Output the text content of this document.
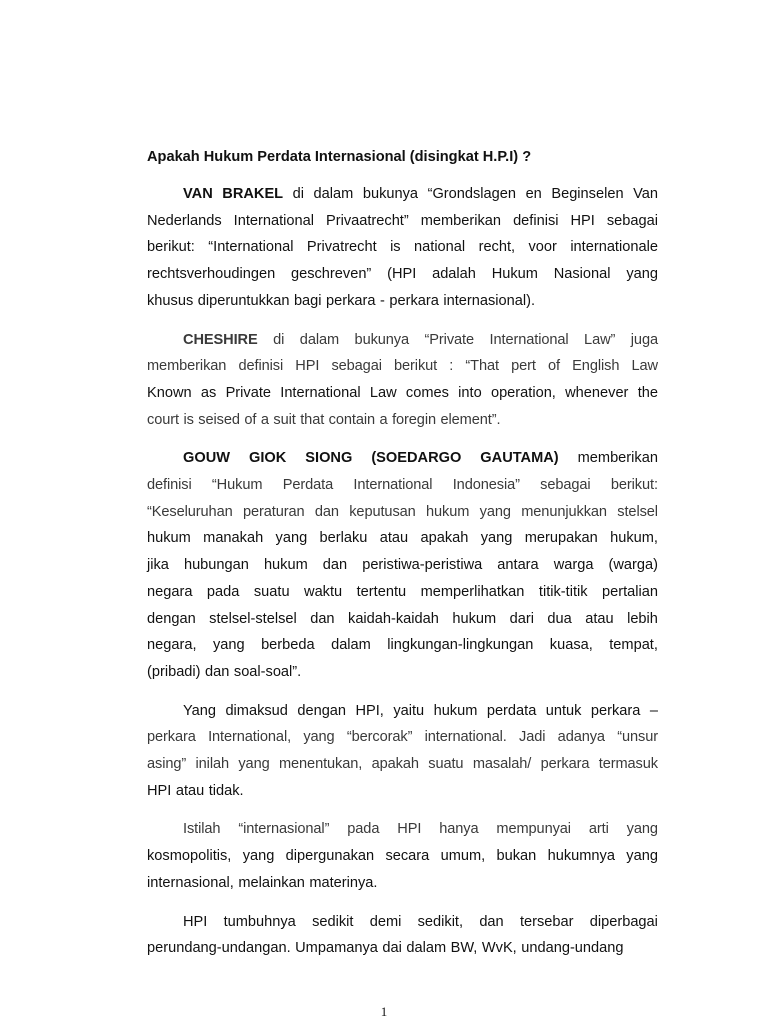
Apakah Hukum Perdata Internasional (disingkat H.P.I) ?
VAN BRAKEL di dalam bukunya “Grondslagen en Beginselen Van
Nederlands International Privaatrecht” memberikan definisi HPI sebagai
berikut: “International Privatrecht is national recht, voor internationale
rechtsverhoudingen geschreven” (HPI adalah Hukum Nasional yang
khusus diperuntukkan bagi perkara - perkara internasional).
CHESHIRE di dalam bukunya “Private International Law” juga
memberikan definisi HPI sebagai berikut : “That pert of English Law
Known as Private International Law comes into operation, whenever the
court is seised of a suit that contain a foregin element”.
GOUW GIOK SIONG (SOEDARGO GAUTAMA) memberikan
definisi “Hukum Perdata International Indonesia” sebagai berikut:
“Keseluruhan peraturan dan keputusan hukum yang menunjukkan stelsel
hukum manakah yang berlaku atau apakah yang merupakan hukum,
jika hubungan hukum dan peristiwa-peristiwa antara warga (warga)
negara pada suatu waktu tertentu memperlihatkan titik-titik pertalian
dengan stelsel-stelsel dan kaidah-kaidah hukum dari dua atau lebih
negara, yang berbeda dalam lingkungan-lingkungan kuasa, tempat,
(pribadi) dan soal-soal”.
Yang dimaksud dengan HPI, yaitu hukum perdata untuk perkara –
perkara International, yang “bercorak” international. Jadi adanya “unsur
asing” inilah yang menentukan, apakah suatu masalah/ perkara termasuk
HPI atau tidak.
Istilah “internasional” pada HPI hanya mempunyai arti yang
kosmopolitis, yang dipergunakan secara umum, bukan hukumnya yang
internasional, melainkan materinya.
HPI tumbuhnya sedikit demi sedikit, dan tersebar diperbagai
perundang-undangan. Umpamanya dai dalam BW, WvK, undang-undang
1
